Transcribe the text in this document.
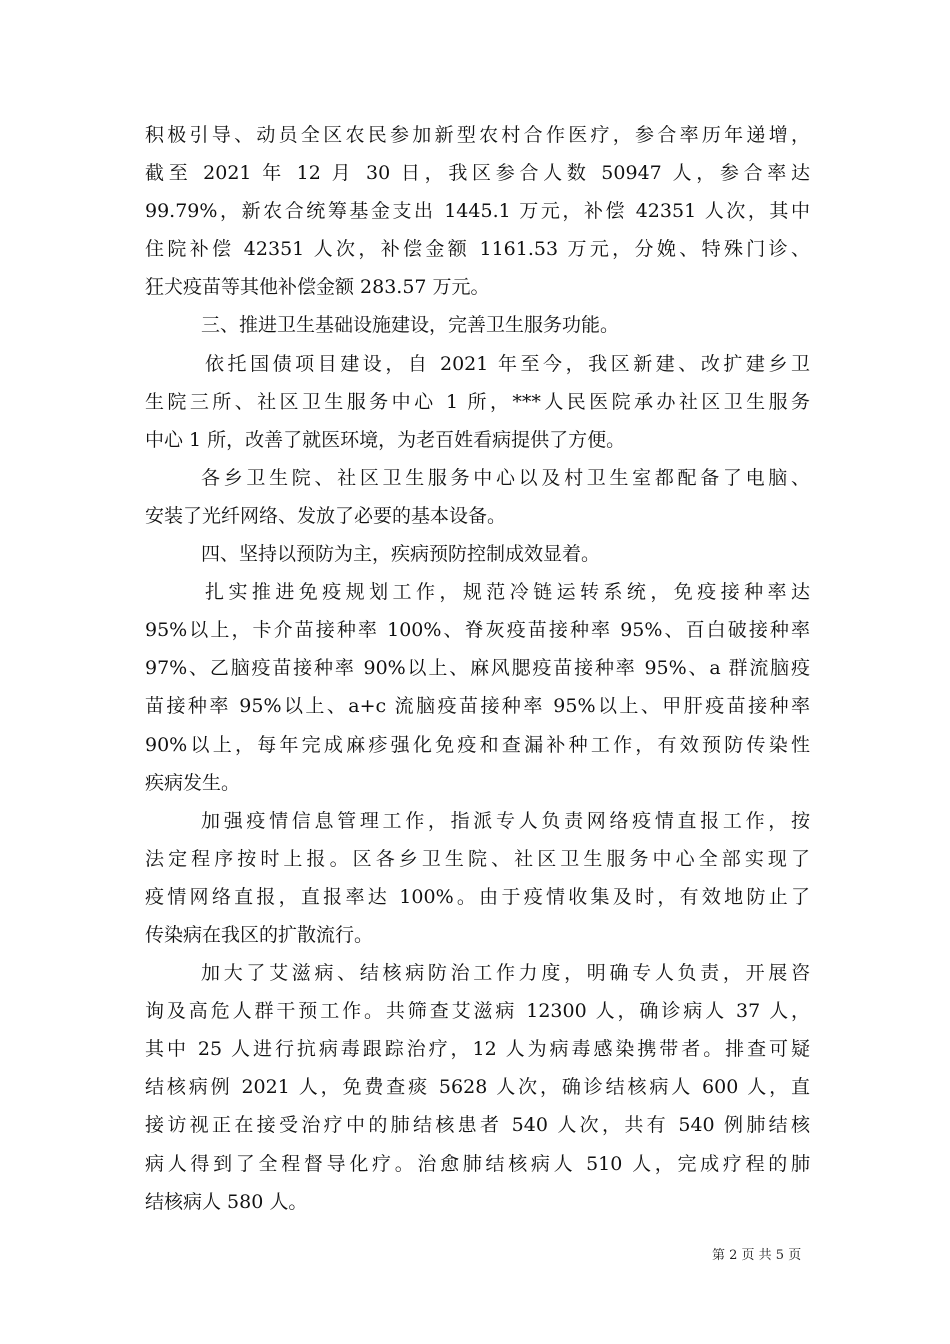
积极引导、动员全区农民参加新型农村合作医疗，参合率历年递增，
截至 2021 年 12 月 30 日，我区参合人数 50947 人，参合率达
99.79%，新农合统筹基金支出 1445.1 万元，补偿 42351 人次，其中
住院补偿 42351 人次，补偿金额 1161.53 万元，分娩、特殊门诊、
狂犬疫苗等其他补偿金额 283.57 万元。
三、推进卫生基础设施建设，完善卫生服务功能。
依托国债项目建设，自 2021 年至今，我区新建、改扩建乡卫
生院三所、社区卫生服务中心 1 所，***人民医院承办社区卫生服务
中心 1 所，改善了就医环境，为老百姓看病提供了方便。
各乡卫生院、社区卫生服务中心以及村卫生室都配备了电脑、
安装了光纤网络、发放了必要的基本设备。
四、坚持以预防为主，疾病预防控制成效显着。
扎实推进免疫规划工作，规范冷链运转系统，免疫接种率达
95%以上，卡介苗接种率 100%、脊灰疫苗接种率 95%、百白破接种率
97%、乙脑疫苗接种率 90%以上、麻风腮疫苗接种率 95%、a 群流脑疫
苗接种率 95%以上、a+c 流脑疫苗接种率 95%以上、甲肝疫苗接种率
90%以上，每年完成麻疹强化免疫和查漏补种工作，有效预防传染性
疾病发生。
加强疫情信息管理工作，指派专人负责网络疫情直报工作，按
法定程序按时上报。区各乡卫生院、社区卫生服务中心全部实现了
疫情网络直报，直报率达 100%。由于疫情收集及时，有效地防止了
传染病在我区的扩散流行。
加大了艾滋病、结核病防治工作力度，明确专人负责，开展咨
询及高危人群干预工作。共筛查艾滋病 12300 人，确诊病人 37 人，
其中 25 人进行抗病毒跟踪治疗，12 人为病毒感染携带者。排查可疑
结核病例 2021 人，免费查痰 5628 人次，确诊结核病人 600 人，直
接访视正在接受治疗中的肺结核患者 540 人次，共有 540 例肺结核
病人得到了全程督导化疗。治愈肺结核病人 510 人，完成疗程的肺
结核病人 580 人。
第 2 页 共 5 页
